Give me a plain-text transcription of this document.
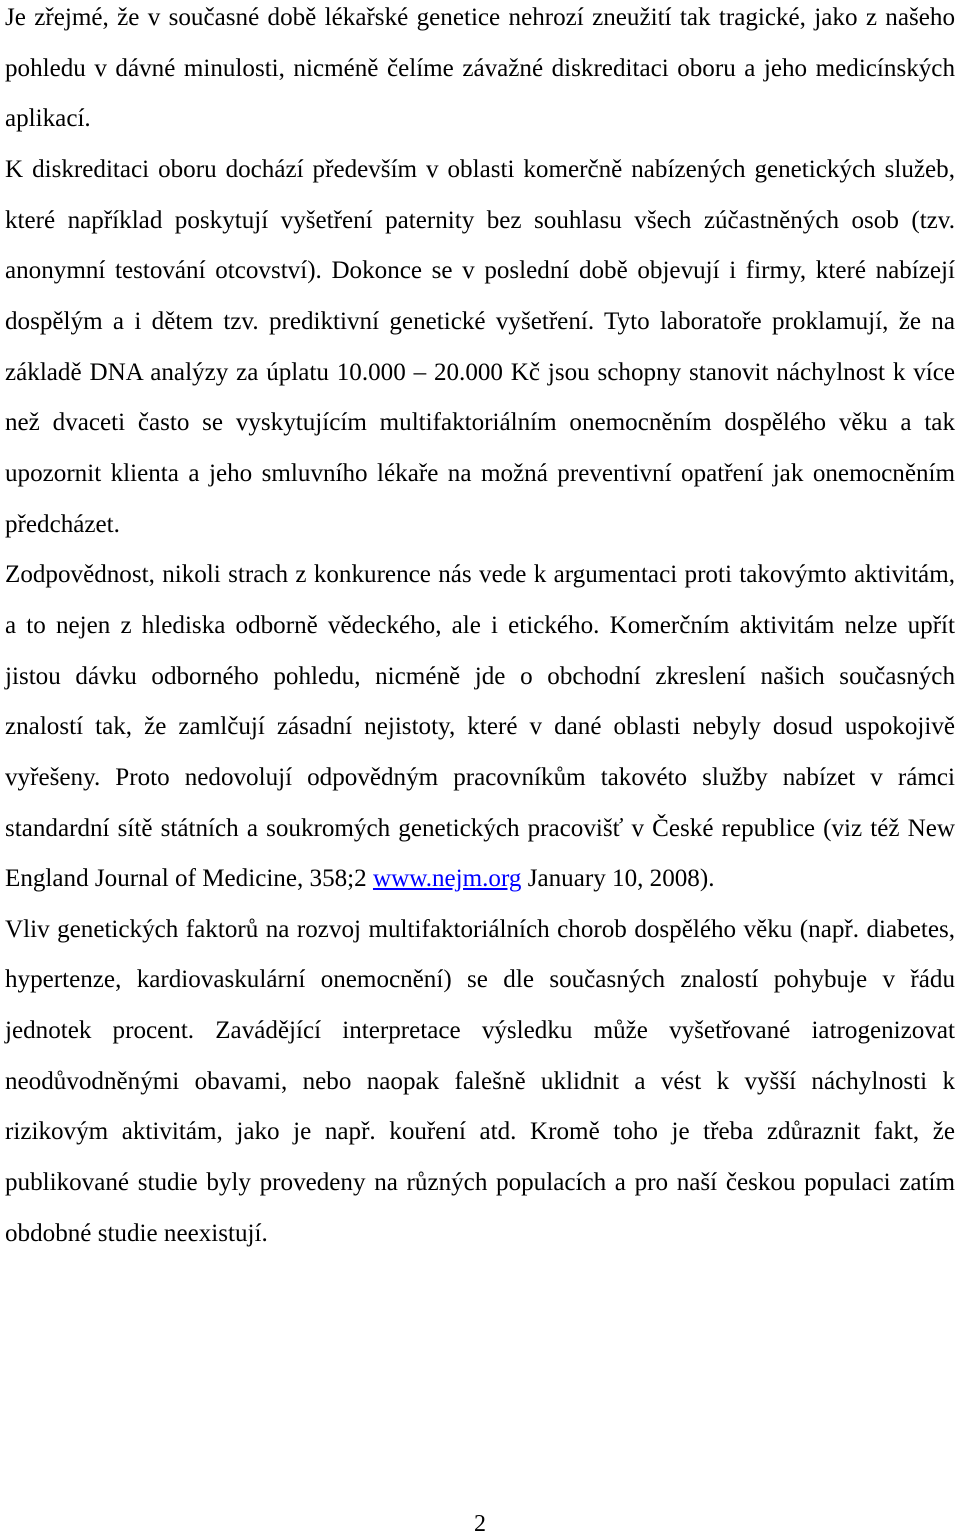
Je zřejmé, že v současné době lékařské genetice nehrozí zneužití tak tragické, jako z našeho pohledu v dávné minulosti, nicméně čelíme závažné diskreditaci oboru a jeho medicínských aplikací.

K diskreditaci oboru dochází především v oblasti komerčně nabízených genetických služeb, které například poskytují vyšetření paternity bez souhlasu všech zúčastněných osob (tzv. anonymní testování otcovství). Dokonce se v poslední době objevují i firmy, které nabízejí dospělým a i dětem tzv. prediktivní genetické vyšetření. Tyto laboratoře proklamují, že na základě DNA analýzy za úplatu 10.000 – 20.000 Kč jsou schopny stanovit náchylnost k více než dvaceti často se vyskytujícím multifaktoriálním onemocněním dospělého věku a tak upozornit klienta a jeho smluvního lékaře na možná preventivní opatření jak onemocněním předcházet.

Zodpovědnost, nikoli strach z konkurence nás vede k argumentaci proti takovýmto aktivitám, a to nejen z hlediska odborně vědeckého, ale i etického. Komerčním aktivitám nelze upřít jistou dávku odborného pohledu, nicméně jde o obchodní zkreslení našich současných znalostí tak, že zamlčují zásadní nejistoty, které v dané oblasti nebyly dosud uspokojivě vyřešeny. Proto nedovolují odpovědným pracovníkům takovéto služby nabízet v rámci standardní sítě státních a soukromých genetických pracovišť v České republice (viz též New England Journal of Medicine, 358;2 www.nejm.org January 10, 2008).

Vliv genetických faktorů na rozvoj multifaktoriálních chorob dospělého věku (např. diabetes, hypertenze, kardiovaskulární onemocnění) se dle současných znalostí pohybuje v řádu jednotek procent. Zavádějící interpretace výsledku může vyšetřované iatrogenizovat neodůvodněnými obavami, nebo naopak falešně uklidnit a vést k vyšší náchylnosti k rizikovým aktivitám, jako je např. kouření atd. Kromě toho je třeba zdůraznit fakt, že publikované studie byly provedeny na různých populacích a pro naší českou populaci zatím obdobné studie neexistují.

2
